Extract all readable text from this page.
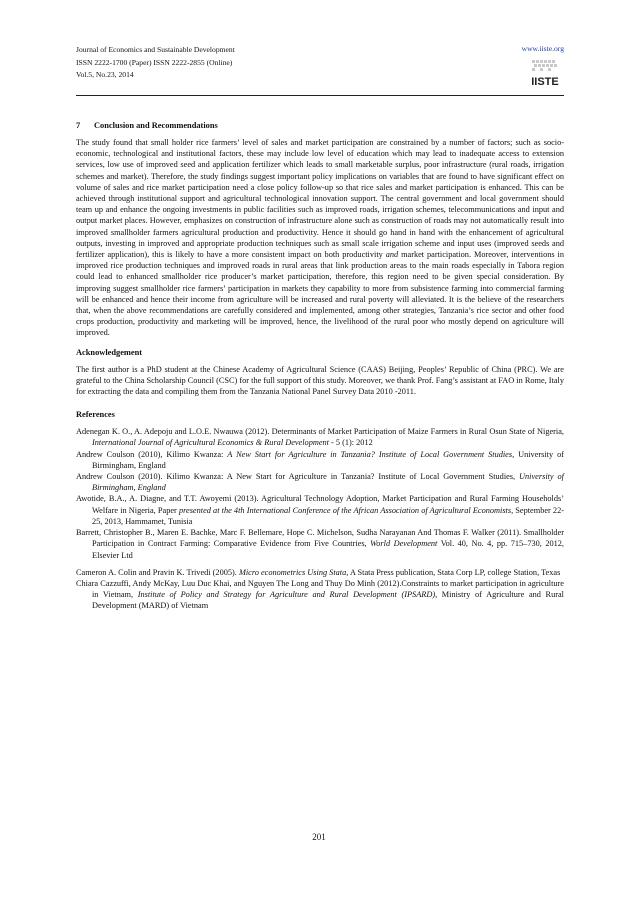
Journal of Economics and Sustainable Development
ISSN 2222-1700 (Paper) ISSN 2222-2855 (Online)
Vol.5, No.23, 2014
www.iiste.org
IISTE
7 Conclusion and Recommendations

The study found that small holder rice farmers’ level of sales and market participation are constrained by a number of factors; such as socio-economic, technological and institutional factors, these may include low level of education which may lead to inadequate access to extension services, low use of improved seed and application fertilizer which leads to small marketable surplus, poor infrastructure (rural roads, irrigation schemes and market). Therefore, the study findings suggest important policy implications on variables that are found to have significant effect on volume of sales and rice market participation need a close policy follow-up so that rice sales and market participation is enhanced. This can be achieved through institutional support and agricultural technological innovation support. The central government and local government should team up and enhance the ongoing investments in public facilities such as improved roads, irrigation schemes, telecommunications and input and output market places. However, emphasizes on construction of infrastructure alone such as construction of roads may not automatically result into improved smallholder farmers agricultural production and productivity. Hence it should go hand in hand with the enhancement of agricultural outputs, investing in improved and appropriate production techniques such as small scale irrigation scheme and input uses (improved seeds and fertilizer application), this is likely to have a more consistent impact on both productivity and market participation. Moreover, interventions in improved rice production techniques and improved roads in rural areas that link production areas to the main roads especially in Tabora region could lead to enhanced smallholder rice producer’s market participation, therefore, this region need to be given special consideration. By improving suggest smallholder rice farmers’ participation in markets they capability to more from subsistence farming into commercial farming will be enhanced and hence their income from agriculture will be increased and rural poverty will alleviated. It is the believe of the researchers that, when the above recommendations are carefully considered and implemented, among other strategies, Tanzania’s rice sector and other food crops production, productivity and marketing will be improved, hence, the livelihood of the rural poor who mostly depend on agriculture will improved.

Acknowledgement

The first author is a PhD student at the Chinese Academy of Agricultural Science (CAAS) Beijing, Peoples’ Republic of China (PRC). We are grateful to the China Scholarship Council (CSC) for the full support of this study. Moreover, we thank Prof. Fang’s assistant at FAO in Rome, Italy for extracting the data and compiling them from the Tanzania National Panel Survey Data 2010 -2011.

References

Adenegan K. O., A. Adepoju and L.O.E. Nwauwa (2012). Determinants of Market Participation of Maize Farmers in Rural Osun State of Nigeria, International Journal of Agricultural Economics & Rural Development - 5 (1): 2012

Andrew Coulson (2010), Kilimo Kwanza: A New Start for Agriculture in Tanzania? Institute of Local Government Studies, University of Birmingham, England

Andrew Coulson (2010). Kilimo Kwanza: A New Start for Agriculture in Tanzania? Institute of Local Government Studies, University of Birmingham, England

Awotide, B.A., A. Diagne, and T.T. Awoyemi (2013). Agricultural Technology Adoption, Market Participation and Rural Farming Households’ Welfare in Nigeria, Paper presented at the 4th International Conference of the African Association of Agricultural Economists, September 22-25, 2013, Hammamet, Tunisia

Barrett, Christopher B., Maren E. Bachke, Marc F. Bellemare, Hope C. Michelson, Sudha Narayanan And Thomas F. Walker (2011). Smallholder Participation in Contract Farming: Comparative Evidence from Five Countries, World Development Vol. 40, No. 4, pp. 715–730, 2012, Elsevier Ltd

Cameron A. Colin and Pravin K. Trivedi (2005). Micro econometrics Using Stata, A Stata Press publication, Stata Corp LP, college Station, Texas

Chiara Cazzuffi, Andy McKay, Luu Duc Khai, and Nguyen The Long and Thuy Do Minh (2012).Constraints to market participation in agriculture in Vietnam, Institute of Policy and Strategy for Agriculture and Rural Development (IPSARD), Ministry of Agriculture and Rural Development (MARD) of Vietnam

201
